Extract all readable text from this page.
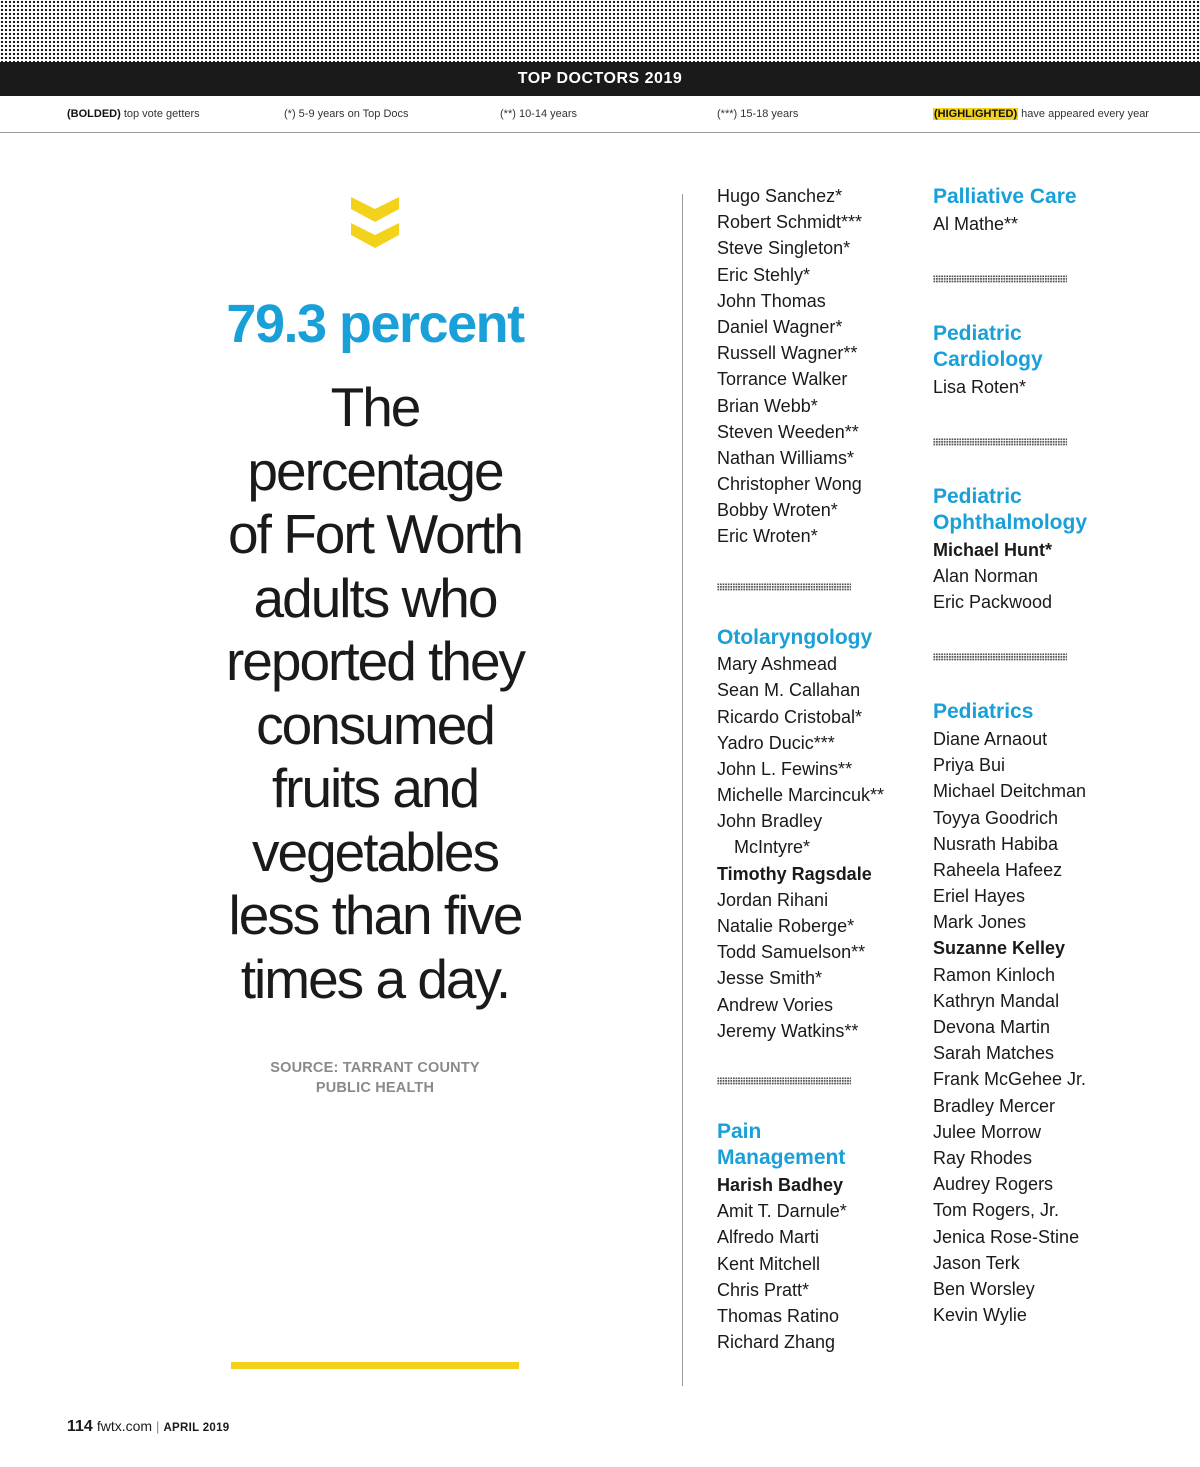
TOP DOCTORS 2019
(BOLDED) top vote getters	(*) 5-9 years on Top Docs	(**) 10-14 years	(***) 15-18 years	(HIGHLIGHTED) have appeared every year
79.3 percent
The
percentage
of Fort Worth
adults who
reported they
consumed
fruits and
vegetables
less than five
times a day.
SOURCE: TARRANT COUNTY
PUBLIC HEALTH
Hugo Sanchez*
Robert Schmidt***
Steve Singleton*
Eric Stehly*
John Thomas
Daniel Wagner*
Russell Wagner**
Torrance Walker
Brian Webb*
Steven Weeden**
Nathan Williams*
Christopher Wong
Bobby Wroten*
Eric Wroten*
Otolaryngology
Mary Ashmead
Sean M. Callahan
Ricardo Cristobal*
Yadro Ducic***
John L. Fewins**
Michelle Marcincuk**
John Bradley
McIntyre*
Timothy Ragsdale
Jordan Rihani
Natalie Roberge*
Todd Samuelson**
Jesse Smith*
Andrew Vories
Jeremy Watkins**
Pain
Management
Harish Badhey
Amit T. Darnule*
Alfredo Marti
Kent Mitchell
Chris Pratt*
Thomas Ratino
Richard Zhang
Palliative Care
Al Mathe**
Pediatric
Cardiology
Lisa Roten*
Pediatric
Ophthalmology
Michael Hunt*
Alan Norman
Eric Packwood
Pediatrics
Diane Arnaout
Priya Bui
Michael Deitchman
Toyya Goodrich
Nusrath Habiba
Raheela Hafeez
Eriel Hayes
Mark Jones
Suzanne Kelley
Ramon Kinloch
Kathryn Mandal
Devona Martin
Sarah Matches
Frank McGehee Jr.
Bradley Mercer
Julee Morrow
Ray Rhodes
Audrey Rogers
Tom Rogers, Jr.
Jenica Rose-Stine
Jason Terk
Ben Worsley
Kevin Wylie
114 fwtx.com | APRIL 2019
